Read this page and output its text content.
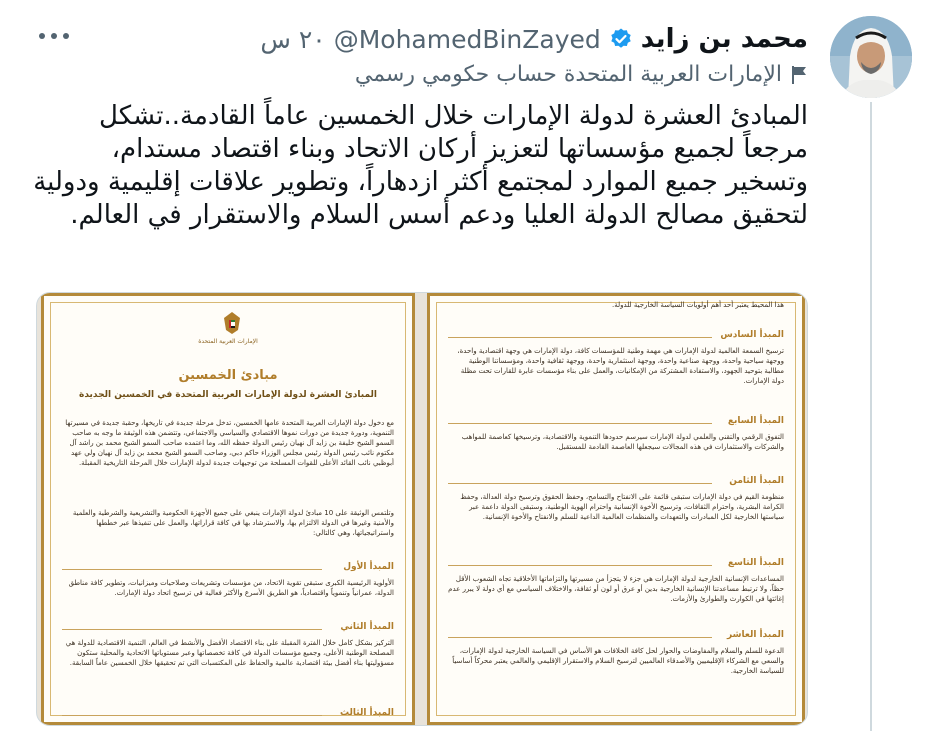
محمد بن زايد
@MohamedBinZayed
٢٠ س
الإمارات العربية المتحدة حساب حكومي رسمي
المبادئ العشرة لدولة الإمارات خلال الخمسين عاماً القادمة..تشكل مرجعاً لجميع مؤسساتها لتعزيز أركان الاتحاد وبناء اقتصاد مستدام، وتسخير جميع الموارد لمجتمع أكثر ازدهاراً، وتطوير علاقات إقليمية ودولية لتحقيق مصالح الدولة العليا ودعم أسس السلام والاستقرار في العالم.
الإمارات العربية المتحدة
مبادئ الخمسين
المبادئ العشرة لدولة الإمارات العربية المتحدة في الخمسين الجديدة
مع دخول دولة الإمارات العربية المتحدة عامها الخمسين، تدخل مرحلة جديدة في تاريخها، وحقبة جديدة في مسيرتها التنموية، ودورة جديدة من دورات نموها الاقتصادي والسياسي والاجتماعي، وتتضمن هذه الوثيقة ما وجه به صاحب السمو الشيخ خليفة بن زايد آل نهيان رئيس الدولة حفظه الله، وما اعتمده صاحب السمو الشيخ محمد بن راشد آل مكتوم نائب رئيس الدولة رئيس مجلس الوزراء حاكم دبي، وصاحب السمو الشيخ محمد بن زايد آل نهيان ولي عهد أبوظبي نائب القائد الأعلى للقوات المسلحة من توجيهات جديدة لدولة الإمارات خلال المرحلة التاريخية المقبلة.
وتلتمس الوثيقة على 10 مبادئ لدولة الإمارات ينبغي على جميع الأجهزة الحكومية والتشريعية والشرطية والعلمية والأمنية وغيرها في الدولة الالتزام بها، والاسترشاد بها في كافة قراراتها، والعمل على تنفيذها عبر خططها واستراتيجياتها، وهي كالتالي:
المبدأ الأول
الأولوية الرئيسية الكبرى ستبقى تقوية الاتحاد، من مؤسسات وتشريعات وصلاحيات وميزانيات، وتطوير كافة مناطق الدولة، عمرانياً وتنموياً واقتصادياً، هو الطريق الأسرع والأكثر فعالية في ترسيخ اتحاد دولة الإمارات.
المبدأ الثاني
التركيز بشكل كامل خلال الفترة المقبلة على بناء الاقتصاد الأفضل والأنشط في العالم، التنمية الاقتصادية للدولة هي المصلحة الوطنية الأعلى، وجميع مؤسسات الدولة في كافة تخصصاتها وعبر مستوياتها الاتحادية والمحلية ستكون مسؤوليتها بناء أفضل بيئة اقتصادية عالمية والحفاظ على المكتسبات التي تم تحقيقها خلال الخمسين عاماً السابقة.
المبدأ الثالث
هذا المحيط يعتبر أحد أهم أولويات السياسة الخارجية للدولة.
المبدأ السادس
ترسيخ السمعة العالمية لدولة الإمارات هي مهمة وطنية للمؤسسات كافة، دولة الإمارات هي وجهة اقتصادية واحدة، ووجهة سياحية واحدة، ووجهة صناعية واحدة، ووجهة استثمارية واحدة، ووجهة ثقافية واحدة، ومؤسساتنا الوطنية مطالبة بتوحيد الجهود، والاستفادة المشتركة من الإمكانيات، والعمل على بناء مؤسسات عابرة للقارات تحت مظلة دولة الإمارات.
المبدأ السابع
التفوق الرقمي والتقني والعلمي لدولة الإمارات سيرسم حدودها التنموية والاقتصادية، وترسيخها كعاصمة للمواهب والشركات والاستثمارات في هذه المجالات سيجعلها العاصمة القادمة للمستقبل.
المبدأ الثامن
منظومة القيم في دولة الإمارات ستبقى قائمة على الانفتاح والتسامح، وحفظ الحقوق وترسيخ دولة العدالة، وحفظ الكرامة البشرية، واحترام الثقافات، وترسيخ الأخوة الإنسانية واحترام الهوية الوطنية، وستبقى الدولة داعمة عبر سياستها الخارجية لكل المبادرات والتعهدات والمنظمات العالمية الداعية للسلم والانفتاح والأخوة الإنسانية.
المبدأ التاسع
المساعدات الإنسانية الخارجية لدولة الإمارات هي جزء لا يتجزأ من مسيرتها والتزاماتها الأخلاقية تجاه الشعوب الأقل حظاً، ولا ترتبط مساعدتنا الإنسانية الخارجية بدين أو عرق أو لون أو ثقافة، والاختلاف السياسي مع أي دولة لا يبرر عدم إغاثتها في الكوارث والطوارئ والأزمات.
المبدأ العاشر
الدعوة للسلم والسلام والمفاوضات والحوار لحل كافة الخلافات هو الأساس في السياسة الخارجية لدولة الإمارات، والسعي مع الشركاء الإقليميين والأصدقاء العالميين لترسيخ السلام والاستقرار الإقليمي والعالمي يعتبر محركاً أساسياً للسياسة الخارجية.
